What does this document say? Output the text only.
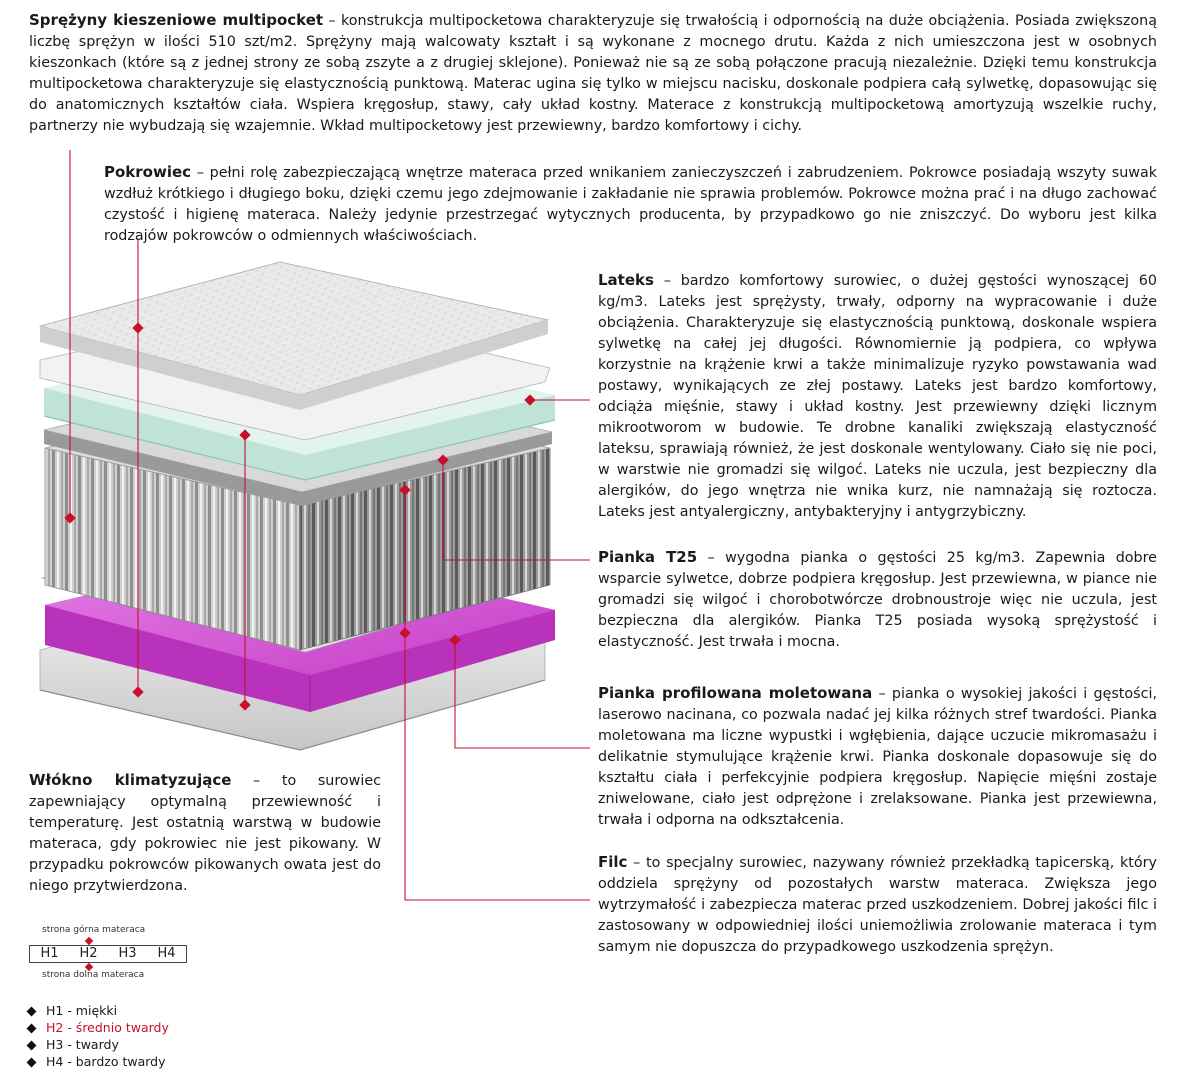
Sprężyny kieszeniowe multipocket – konstrukcja multipocketowa charakteryzuje się trwałością i odpornością na duże obciążenia. Posiada zwiększoną liczbę sprężyn w ilości 510 szt/m2. Sprężyny mają walcowaty kształt i są wykonane z mocnego drutu. Każda z nich umieszczona jest w osobnych kieszonkach (które są z jednej strony ze sobą zszyte a z drugiej sklejone). Ponieważ nie są ze sobą połączone pracują niezależnie. Dzięki temu konstrukcja multipocketowa charakteryzuje się elastycznością punktową. Materac ugina się tylko w miejscu nacisku, doskonale podpiera całą sylwetkę, dopasowując się do anatomicznych kształtów ciała. Wspiera kręgosłup, stawy, cały układ kostny. Materace z konstrukcją multipocketową amortyzują wszelkie ruchy, partnerzy nie wybudzają się wzajemnie. Wkład multipocketowy jest przewiewny, bardzo komfortowy i cichy.

Pokrowiec – pełni rolę zabezpieczającą wnętrze materaca przed wnikaniem zanieczyszczeń i zabrudzeniem. Pokrowce posiadają wszyty suwak wzdłuż krótkiego i długiego boku, dzięki czemu jego zdejmowanie i zakładanie nie sprawia problemów. Pokrowce można prać i na długo zachować czystość i higienę materaca. Należy jedynie przestrzegać wytycznych producenta, by przypadkowo go nie zniszczyć. Do wyboru jest kilka rodzajów pokrowców o odmiennych właściwościach.

Lateks – bardzo komfortowy surowiec, o dużej gęstości wynoszącej 60 kg/m3. Lateks jest sprężysty, trwały, odporny na wypracowanie i duże obciążenia. Charakteryzuje się elastycznością punktową, doskonale wspiera sylwetkę na całej jej długości. Równomiernie ją podpiera, co wpływa korzystnie na krążenie krwi a także minimalizuje ryzyko powstawania wad postawy, wynikających ze złej postawy. Lateks jest bardzo komfortowy, odciąża mięśnie, stawy i układ kostny. Jest przewiewny dzięki licznym mikrootworom w budowie. Te drobne kanaliki zwiększają elastyczność lateksu, sprawiają również, że jest doskonale wentylowany. Ciało się nie poci, w warstwie nie gromadzi się wilgoć. Lateks nie uczula, jest bezpieczny dla alergików, do jego wnętrza nie wnika kurz, nie namnażają się roztocza. Lateks jest antyalergiczny, antybakteryjny i antygrzybiczny.

Pianka T25 – wygodna pianka o gęstości 25 kg/m3. Zapewnia dobre wsparcie sylwetce, dobrze podpiera kręgosłup. Jest przewiewna, w piance nie gromadzi się wilgoć i chorobotwórcze drobnoustroje więc nie uczula, jest bezpieczna dla alergików. Pianka T25 posiada wysoką sprężystość i elastyczność. Jest trwała i mocna.

Pianka profilowana moletowana – pianka o wysokiej jakości i gęstości, laserowo nacinana, co pozwala nadać jej kilka różnych stref twardości. Pianka moletowana ma liczne wypustki i wgłębienia, dające uczucie mikromasażu i delikatnie stymulujące krążenie krwi. Pianka doskonale dopasowuje się do kształtu ciała i perfekcyjnie podpiera kręgosłup. Napięcie mięśni zostaje zniwelowane, ciało jest odprężone i zrelaksowane. Pianka jest przewiewna, trwała i odporna na odkształcenia.

Filc – to specjalny surowiec, nazywany również przekładką tapicerską, który oddziela sprężyny od pozostałych warstw materaca. Zwiększa jego wytrzymałość i zabezpiecza materac przed uszkodzeniem. Dobrej jakości filc i zastosowany w odpowiedniej ilości uniemożliwia zrolowanie materaca i tym samym nie dopuszcza do przypadkowego uszkodzenia sprężyn.

Włókno klimatyzujące – to surowiec zapewniający optymalną przewiewność i temperaturę. Jest ostatnią warstwą w budowie materaca, gdy pokrowiec nie jest pikowany. W przypadku pokrowców pikowanych owata jest do niego przytwierdzona.

strona górna materaca
H1	H2	H3	H4
strona dolna materaca
H1 - miękki
H2 - średnio twardy
H3 - twardy
H4 - bardzo twardy
